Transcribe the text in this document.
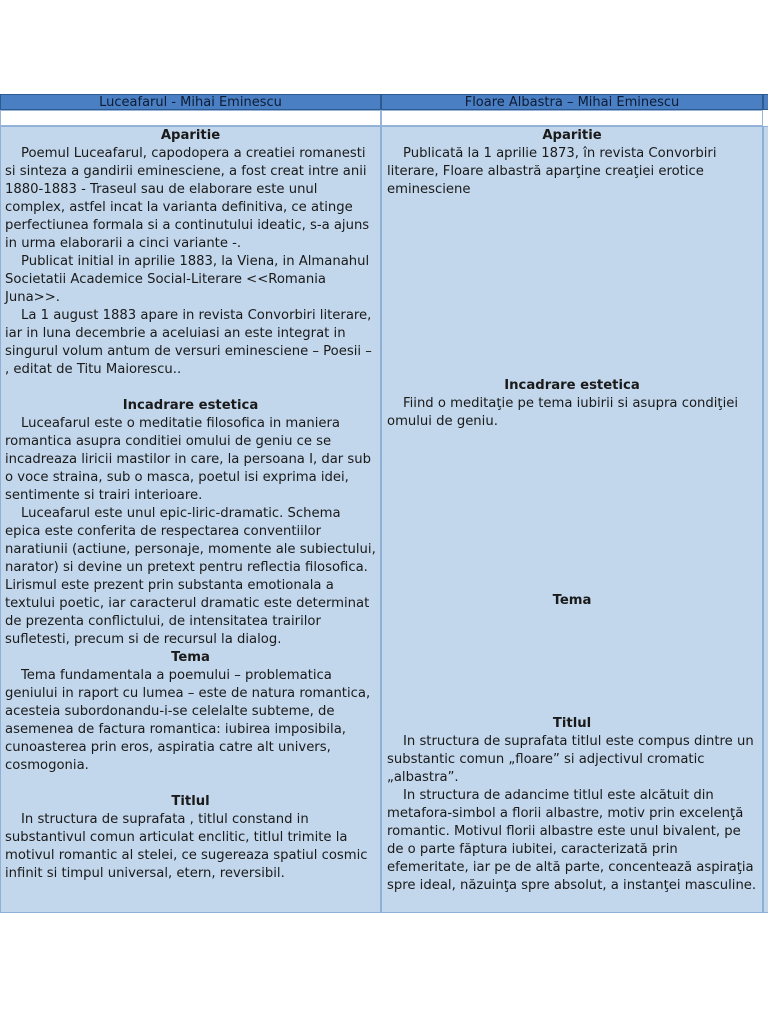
Luceafarul - Mihai Eminescu	Floare Albastra – Mihai Eminescu

Aparitie

Poemul Luceafarul, capodopera a creatiei romanesti si sinteza a gandirii eminesciene, a fost creat intre anii 1880-1883 - Traseul sau de elaborare este unul complex, astfel incat la varianta definitiva, ce atinge perfectiunea formala si a continutului ideatic, s-a ajuns in urma elaborarii a cinci variante -.

Publicat initial in aprilie 1883, la Viena, in Almanahul Societatii Academice Social-Literare <<Romania Juna>>.

La 1 august 1883 apare in revista Convorbiri literare, iar in luna decembrie a aceluiasi an este integrat in singurul volum antum de versuri eminesciene – Poesii – , editat de Titu Maiorescu..

Incadrare estetica

Luceafarul este o meditatie filosofica in maniera romantica asupra conditiei omului de geniu ce se incadreaza liricii mastilor in care, la persoana I, dar sub o voce straina, sub o masca, poetul isi exprima idei, sentimente si trairi interioare.

Luceafarul este unul epic-liric-dramatic. Schema epica este conferita de respectarea conventiilor naratiunii (actiune, personaje, momente ale subiectului, narator) si devine un pretext pentru reflectia filosofica. Lirismul este prezent prin substanta emotionala a textului poetic, iar caracterul dramatic este determinat de prezenta conflictului, de intensitatea trairilor sufletesti, precum si de recursul la dialog.

Tema

Tema fundamentala a poemului – problematica geniului in raport cu lumea – este de natura romantica, acesteia subordonandu-i-se celelalte subteme, de asemenea de factura romantica: iubirea imposibila, cunoasterea prin eros, aspiratia catre alt univers, cosmogonia.

Titlul

In structura de suprafata , titlul constand in substantivul comun articulat enclitic, titlul trimite la motivul romantic al stelei, ce sugereaza spatiul cosmic infinit si timpul universal, etern, reversibil.

Aparitie

Publicată la 1 aprilie 1873, în revista Convorbiri literare, Floare albastră aparţine creaţiei erotice eminesciene

Incadrare estetica

Fiind o meditaţie pe tema iubirii si asupra condiţiei omului de geniu.

Tema

Titlul

In structura de suprafata titlul este compus dintre un substantic comun „floare” si adjectivul cromatic „albastra”.

In structura de adancime titlul este alcătuit din metafora-simbol a florii albastre, motiv prin excelenţă romantic. Motivul florii albastre este unul bivalent, pe de o parte făptura iubitei, caracterizată prin efemeritate, iar pe de altă parte, concentează aspiraţia spre ideal, năzuinţa spre absolut, a instanţei masculine.
